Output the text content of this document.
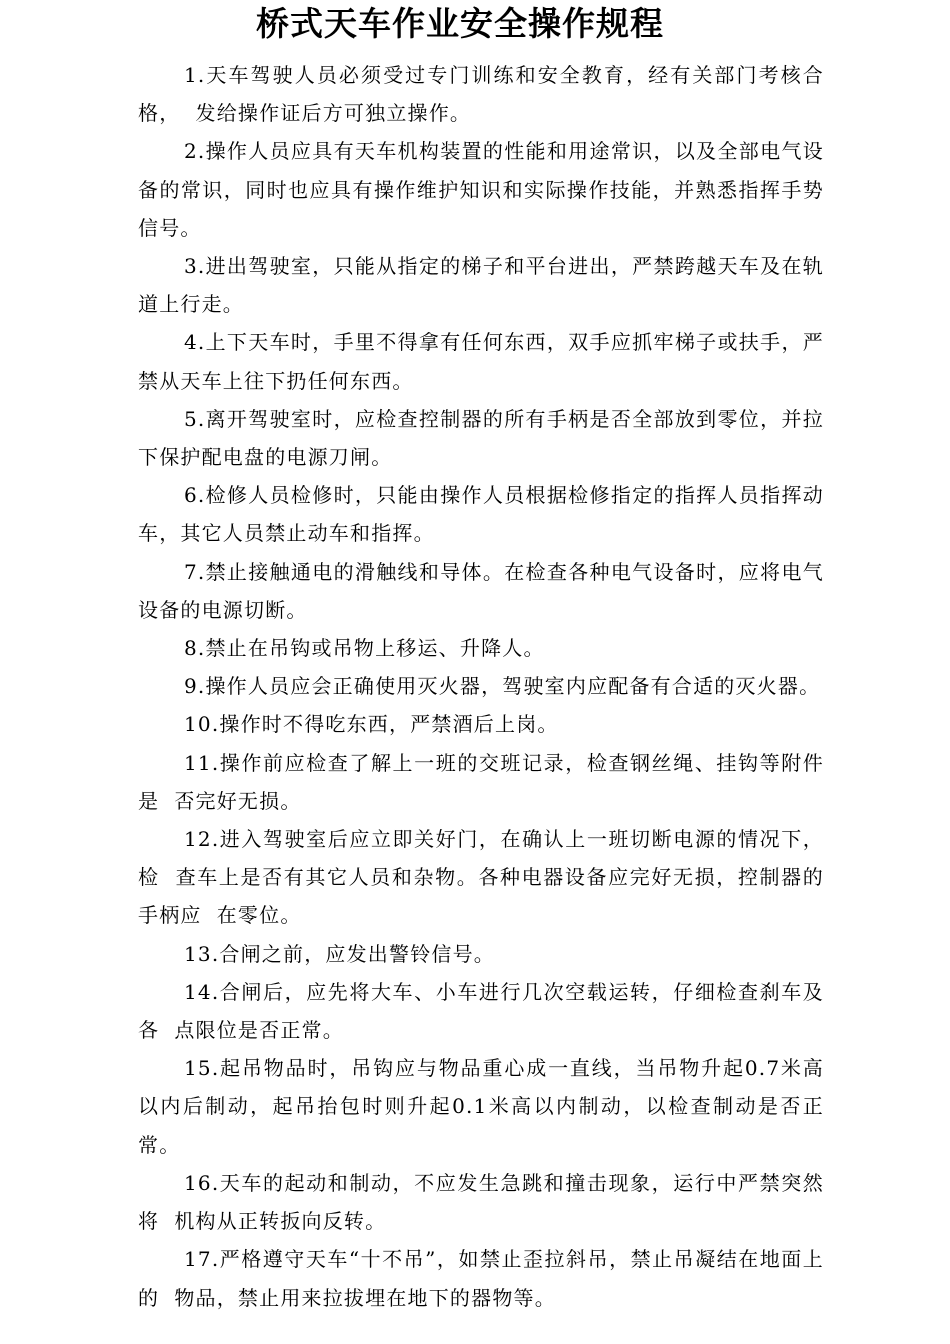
桥式天车作业安全操作规程

1.天车驾驶人员必须受过专门训练和安全教育，经有关部门考核合格，  发给操作证后方可独立操作。

2.操作人员应具有天车机构装置的性能和用途常识，以及全部电气设  备的常识，同时也应具有操作维护知识和实际操作技能，并熟悉指挥手势信号。

3.进出驾驶室，只能从指定的梯子和平台进出，严禁跨越天车及在轨  道上行走。

4.上下天车时，手里不得拿有任何东西，双手应抓牢梯子或扶手，严  禁从天车上往下扔任何东西。

5.离开驾驶室时，应检查控制器的所有手柄是否全部放到零位，并拉  下保护配电盘的电源刀闸。

6.检修人员检修时，只能由操作人员根据检修指定的指挥人员指挥动  车，其它人员禁止动车和指挥。

7.禁止接触通电的滑触线和导体。在检查各种电气设备时，应将电气  设备的电源切断。

8.禁止在吊钩或吊物上移运、升降人。

9.操作人员应会正确使用灭火器，驾驶室内应配备有合适的灭火器。

10.操作时不得吃东西，严禁酒后上岗。

11.操作前应检查了解上一班的交班记录，检查钢丝绳、挂钩等附件是  否完好无损。

12.进入驾驶室后应立即关好门，在确认上一班切断电源的情况下，检  查车上是否有其它人员和杂物。各种电器设备应完好无损，控制器的手柄应  在零位。

13.合闸之前，应发出警铃信号。

14.合闸后，应先将大车、小车进行几次空载运转，仔细检查刹车及各  点限位是否正常。

15.起吊物品时，吊钩应与物品重心成一直线，当吊物升起0.7米高以内后制动，起吊抬包时则升起0.1米高以内制动，以检查制动是否正常。

16.天车的起动和制动，不应发生急跳和撞击现象，运行中严禁突然将  机构从正转扳向反转。

17.严格遵守天车“十不吊”，如禁止歪拉斜吊，禁止吊凝结在地面上的  物品，禁止用来拉拔埋在地下的器物等。
